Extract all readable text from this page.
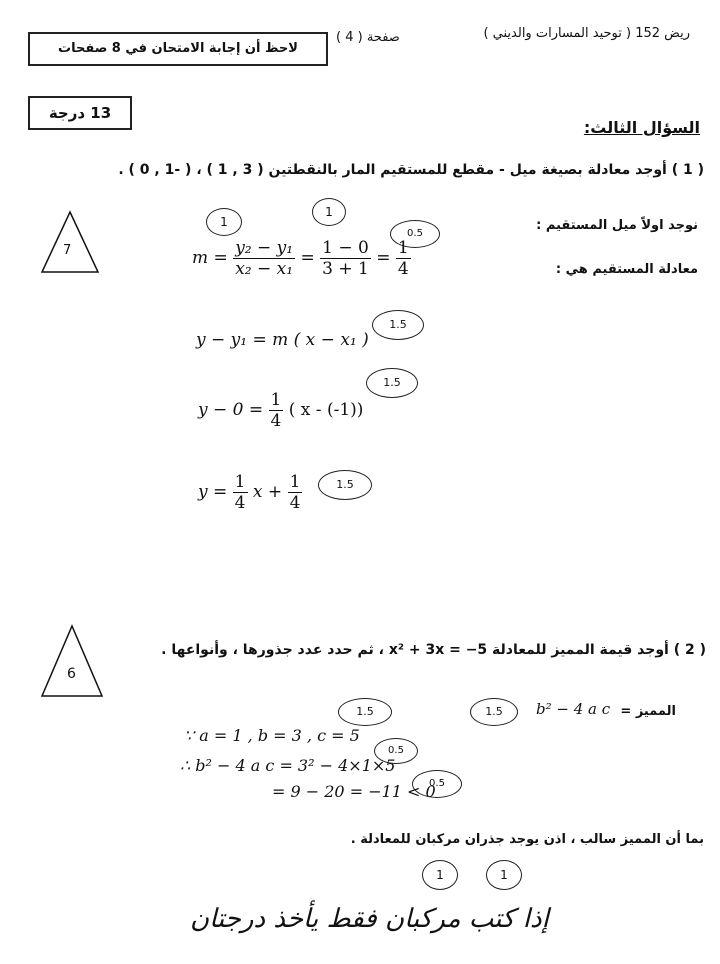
ريض 152 ( توحيد المسارات والديني )
صفحة ( 4 )
لاحظ أن إجابة الامتحان في 8 صفحات
13 درجة
السؤال الثالث:
( 1 ) أوجد معادلة بصيغة ميل - مقطع للمستقيم المار بالنقطتين ( 3 , 1 ) ، ( -1 , 0 ) .
7
1
1
0.5
نوجد اولاً ميل المستقيم :
معادلة المستقيم هي :
$m = \frac{\text{y₂ − y₁}}{\text{x₂ − x₁}} = \frac{1 - 0}{3 + 1} = \frac{1}{4}$
y − y₁ = m ( x − x₁ )
1.5
$y - 0 = \frac{1}{4}$ ( x - (-1))
1.5
$y = \frac{1}{4}$ $x + \frac{1}{4}$	1.5
6
( 2 ) أوجد قيمة المميز للمعادلة x² + 3x = −5 ، ثم حدد عدد جذورها ، وأنواعها .
المميز =
b² − 4 a c
1.5
1.5
∵ a = 1 , b = 3 , c = 5
0.5
∴ b² − 4 a c = 3² − 4×1×5
= 9 − 20 = −11 < 0
0.5
بما أن المميز سالب ، اذن يوجد جذران مركبان للمعادلة .
1	1
إذا كتب مركبان فقط يأخذ درجتان
